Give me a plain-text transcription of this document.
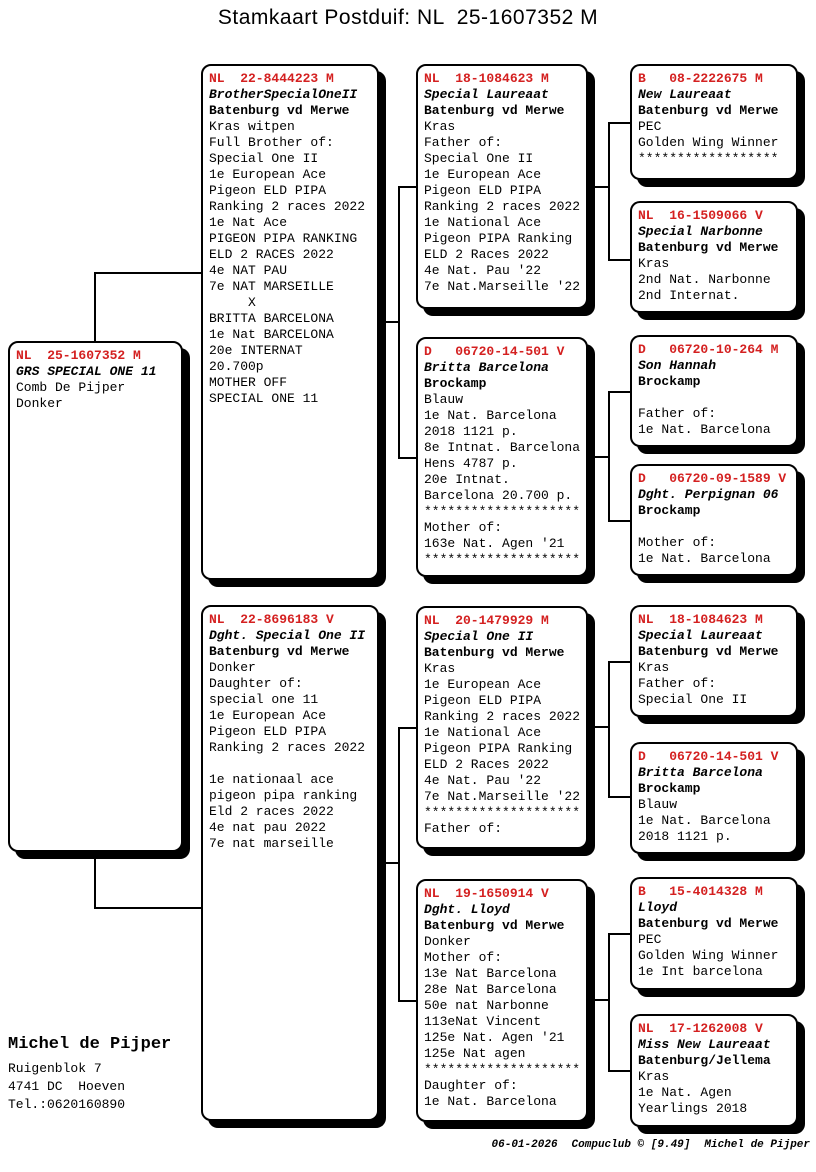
Stamkaart Postduif: NL  25-1607352 M
NL  25-1607352 M
GRS SPECIAL ONE 11
Comb De Pijper
Donker
NL  22-8444223 M
BrotherSpecialOneII
Batenburg vd Merwe
Kras witpen
Full Brother of:
Special One II
1e European Ace
Pigeon ELD PIPA
Ranking 2 races 2022
1e Nat Ace
PIGEON PIPA RANKING
ELD 2 RACES 2022
4e NAT PAU
7e NAT MARSEILLE
X
BRITTA BARCELONA
1e Nat BARCELONA
20e INTERNAT
20.700p
MOTHER OFF
SPECIAL ONE 11
NL  22-8696183 V
Dght. Special One II
Batenburg vd Merwe
Donker
Daughter of:
special one 11
1e European Ace
Pigeon ELD PIPA
Ranking 2 races 2022

1e nationaal ace
pigeon pipa ranking
Eld 2 races 2022
4e nat pau 2022
7e nat marseille
NL  18-1084623 M
Special Laureaat
Batenburg vd Merwe
Kras
Father of:
Special One II
1e European Ace
Pigeon ELD PIPA
Ranking 2 races 2022
1e National Ace
Pigeon PIPA Ranking
ELD 2 Races 2022
4e Nat. Pau '22
7e Nat.Marseille '22
D   06720-14-501 V
Britta Barcelona
Brockamp
Blauw
1e Nat. Barcelona
2018 1121 p.
8e Intnat. Barcelona
Hens 4787 p.
20e Intnat.
Barcelona 20.700 p.
********************
Mother of:
163e Nat. Agen '21
********************
NL  20-1479929 M
Special One II
Batenburg vd Merwe
Kras
1e European Ace
Pigeon ELD PIPA
Ranking 2 races 2022
1e National Ace
Pigeon PIPA Ranking
ELD 2 Races 2022
4e Nat. Pau '22
7e Nat.Marseille '22
********************
Father of:
NL  19-1650914 V
Dght. Lloyd
Batenburg vd Merwe
Donker
Mother of:
13e Nat Barcelona
28e Nat Barcelona
50e nat Narbonne
113eNat Vincent
125e Nat. Agen '21
125e Nat agen
********************
Daughter of:
1e Nat. Barcelona
B   08-2222675 M
New Laureaat
Batenburg vd Merwe
PEC
Golden Wing Winner
******************
NL  16-1509066 V
Special Narbonne
Batenburg vd Merwe
Kras
2nd Nat. Narbonne
2nd Internat.
D   06720-10-264 M
Son Hannah
Brockamp

Father of:
1e Nat. Barcelona
D   06720-09-1589 V
Dght. Perpignan 06
Brockamp

Mother of:
1e Nat. Barcelona
NL  18-1084623 M
Special Laureaat
Batenburg vd Merwe
Kras
Father of:
Special One II
D   06720-14-501 V
Britta Barcelona
Brockamp
Blauw
1e Nat. Barcelona
2018 1121 p.
B   15-4014328 M
Lloyd
Batenburg vd Merwe
PEC
Golden Wing Winner
1e Int barcelona
NL  17-1262008 V
Miss New Laureaat
Batenburg/Jellema
Kras
1e Nat. Agen
Yearlings 2018
Michel de Pijper
Ruigenblok 7
4741 DC  Hoeven
Tel.:0620160890
06-01-2026 Compuclub © [9.49] Michel de Pijper
